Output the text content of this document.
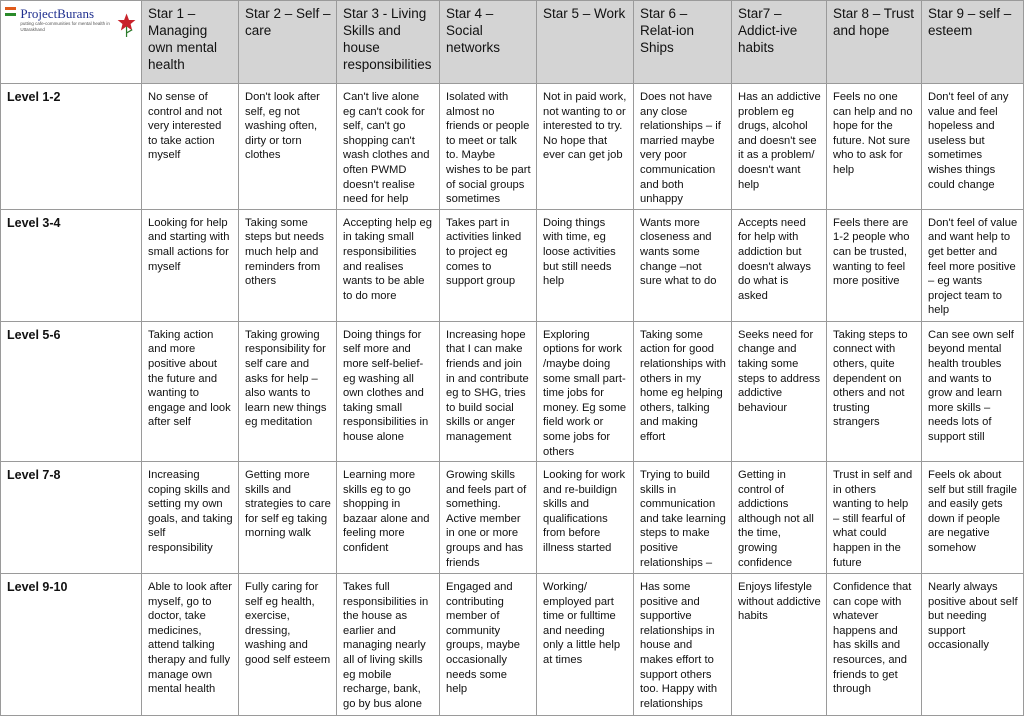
ProjectBurans
putting cafe-communities for mental health in Uttarakhand	Star 1 – Managing own mental health	Star 2 – Self – care	Star 3 - Living Skills and house responsibilities	Star 4 – Social networks	Star 5 – Work	Star 6 – Relat-ion Ships	Star7 – Addict-ive habits	Star 8 – Trust and hope	Star 9 – self – esteem
Level 1-2	No sense of control and not very interested to take action myself	Don't look after self, eg not washing often, dirty or torn clothes	Can't live alone eg can't cook for self, can't go shopping can't wash clothes and often PWMD doesn't realise need for help	Isolated with almost no friends or people to meet or talk to. Maybe wishes to be part of social groups sometimes	Not in paid work, not wanting to or interested to try. No hope that ever can get job	Does not have any close relationships – if married maybe very poor communication and both unhappy	Has an addictive problem eg drugs, alcohol and doesn't see it as a problem/ doesn't want help	Feels no one can help and no hope for the future. Not sure who to ask for help	Don't feel of any value and feel hopeless and useless but sometimes wishes things could change
Level 3-4	Looking for help and starting with small actions for myself	Taking some steps but needs much help and reminders from others	Accepting help eg in taking small responsibilities and realises wants to be able to do more	Takes part in activities linked to project eg comes to support group	Doing things with time, eg loose activities but still needs help	Wants more closeness and wants some change –not sure what to do	Accepts need for help with addiction but doesn't always do what is asked	Feels there are 1-2 people who can be trusted, wanting to feel more positive	Don't feel of value and want help to get better and feel more positive – eg wants project team to help
Level 5-6	Taking action and more positive about the future and wanting to engage and look after self	Taking growing responsibility for self care and asks for help – also wants to learn new things eg meditation	Doing things for self more and more self-belief- eg washing all own clothes and taking small responsibilities in house alone	Increasing hope that I can make friends and join in and contribute eg to SHG, tries to build social skills or anger management	Exploring options for work /maybe doing some small part-time jobs for money. Eg some field work or some jobs for others	Taking some action for good relationships with others in my home eg helping others, talking and making effort	Seeks need for change and taking some steps to address addictive behaviour	Taking steps to connect with others, quite dependent on others and not trusting strangers	Can see own self beyond mental health troubles and wants to grow and learn more skills – needs lots of support still
Level 7-8	Increasing coping skills and setting my own goals, and taking self responsibility	Getting more skills and strategies to care for self eg taking morning walk	Learning more skills eg to go shopping in bazaar alone and feeling more confident	Growing skills and feels part of something. Active member in one or more groups and has friends	Looking for work and re-buildign skills and qualifications from before illness started	Trying to build skills in communication and take learning steps to make positive relationships –	Getting in control of addictions although not all the time, growing confidence	Trust in self and in others wanting to help – still fearful of what could happen in the future	Feels ok about self but still fragile and easily gets down if people are negative somehow
Level 9-10	Able to look after myself, go to doctor, take medicines, attend talking therapy and fully manage own mental health	Fully caring for self eg health, exercise, dressing, washing and good self esteem	Takes full responsibilities in the house as earlier and managing nearly all of living skills eg mobile recharge, bank, go by bus alone	Engaged and contributing member of community groups, maybe occasionally needs some help	Working/ employed part time or fulltime and needing only a little help at times	Has some positive and supportive relationships in house and makes effort to support others too. Happy with relationships	Enjoys lifestyle without addictive habits	Confidence that can cope with whatever happens and has skills and resources, and friends to get through	Nearly always positive about self but needing support occasionally
